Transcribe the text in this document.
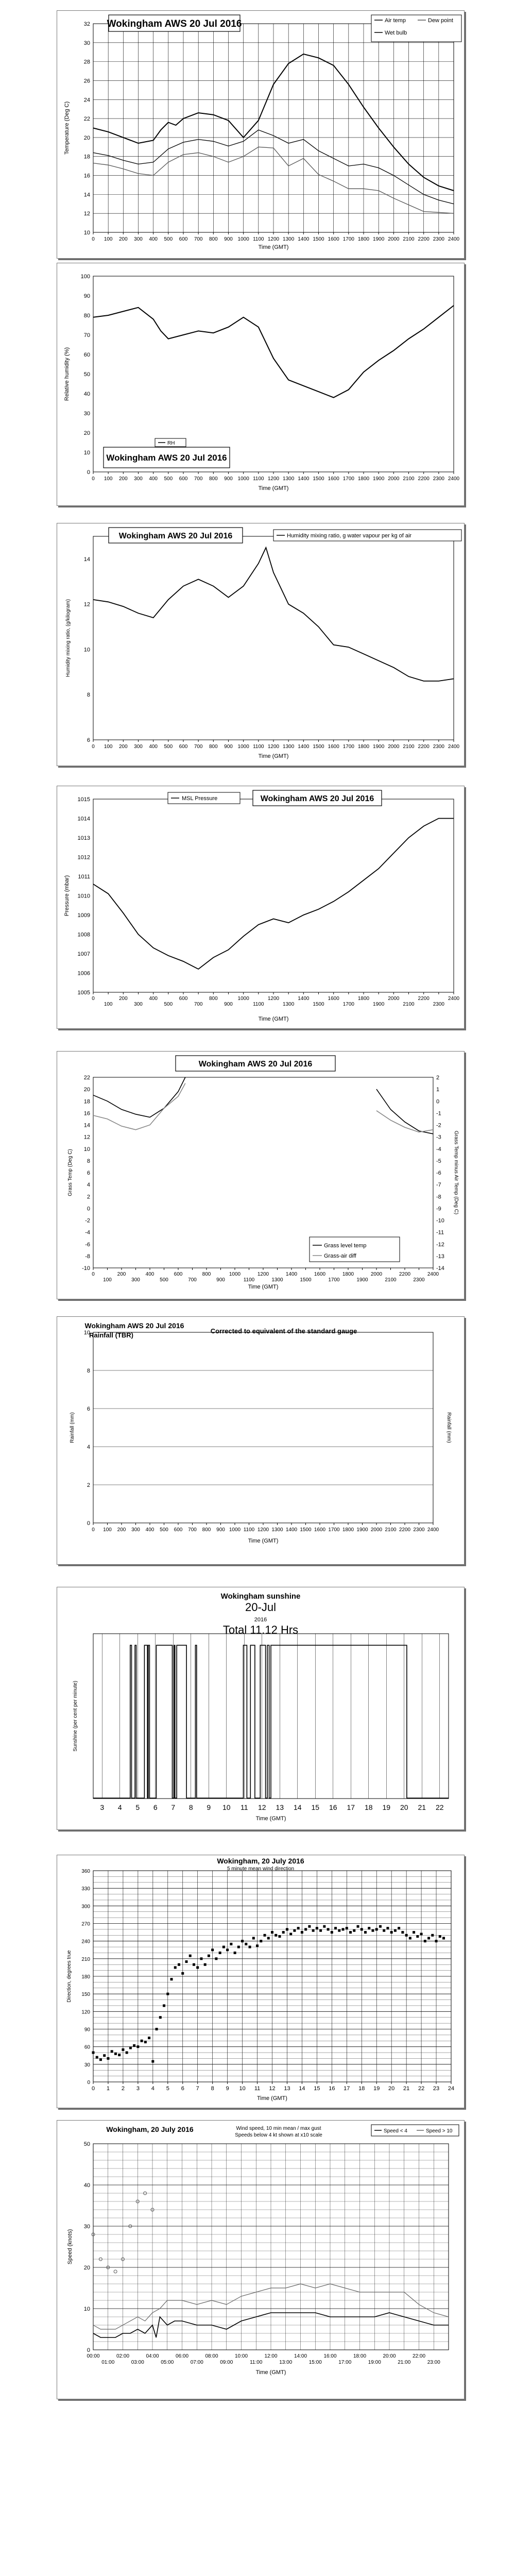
10
12
14
16
18
20
22
24
26
28
30
32
0 100 200 300 400 500 600 700 800 900 1000 1100 1200 1300 1400 1500 1600 1700 1800 1900 2000 2100 2200 2300 2400
Wokingham AWS 20 Jul 2016	Air temp	Dew point
Wet bulb
Temperature (Deg C)
Time (GMT)
0
10
20
30
40
50
60
70
80
90
100
0 100 200 300 400 500 600 700 800 900 1000 1100 1200 1300 1400 1500 1600 1700 1800 1900 2000 2100 2200 2300 2400
Wokingham AWS 20 Jul 2016
RH
Relative humidity (%)
Time (GMT)
6
8
10
12
14
0 100 200 300 400 500 600 700 800 900 1000 1100 1200 1300 1400 1500 1600 1700 1800 1900 2000 2100 2200 2300 2400
Wokingham AWS 20 Jul 2016	Humidity mixing ratio, g water vapour per kg of air
Humidity mixing ratio, (g/kilogram)
Time (GMT)
1005
1006
1007
1008
1009
1010
1011
1012
1013
1014
1015
0
100
200
300
400
500
600
700
800
900
1000
1100
1200
1300
1400
1500
1600
1700
1800
1900
2000
2100
2200
2300
2400
MSL Pressure	Wokingham AWS 20 Jul 2016
Pressure (mbar)
Time (GMT)
-10
-8
-6
-4
-2
0
2
4
6
8
10
12
14
16
18
20
22
-14
-13
-12
-11
-10
-9
-8
-7
-6
-5
-4
-3
-2
-1
0
1
2
0
100
200
300
400
500
600
700
800
900
1000
1100
1200
1300
1400
1500
1600
1700
1800
1900
2000
2100
2200
2300
2400
Wokingham AWS 20 Jul 2016
Grass level temp
Grass-air diff
Grass Temp (Deg C)	Grass Temp minus Air Temp (Deg C)
Time (GMT)
0
2
4
6
8
10
0 100 200 300 400 500 600 700 800 900 1000 1100 1200 1300 1400 1500 1600 1700 1800 1900 2000 2100 2200 2300 2400
Wokingham AWS 20 Jul 2016
Rainfall (TBR)
Corrected to equivalent of the standard gauge
Rainfall (mm)	Rainfall (mm)
Time (GMT)
3 4 5 6 7 8 9 10 11 12 13 14 15 16 17 18 19 20 21 22
Wokingham sunshine
20-Jul
2016
Total 11.12 Hrs
Sunshine (per cent per minute)
Time (GMT)
0
30
60
90
120
150
180
210
240
270
300
330
360
0 1 2 3 4 5 6 7 8 9 10 11 12 13 14 15 16 17 18 19 20 21 22 23 24
Wokingham, 20 July 2016
5 minute mean wind direction
Direction, degrees true
Time (GMT)
0
10
20
30
40
50
00:00	02:00	04:00	06:00	08:00	10:00	12:00	14:00	16:00	18:00	20:00	22:00
01:00	03:00	05:00	07:00	09:00	11:00	13:00	15:00	17:00	19:00	21:00	23:00
Wokingham, 20 July 2016	Wind speed, 10 min mean / max gust
Speeds below 4 kt shown at x10 scale
Speed < 4	Speed > 10
Speed (knots)
Time (GMT)
